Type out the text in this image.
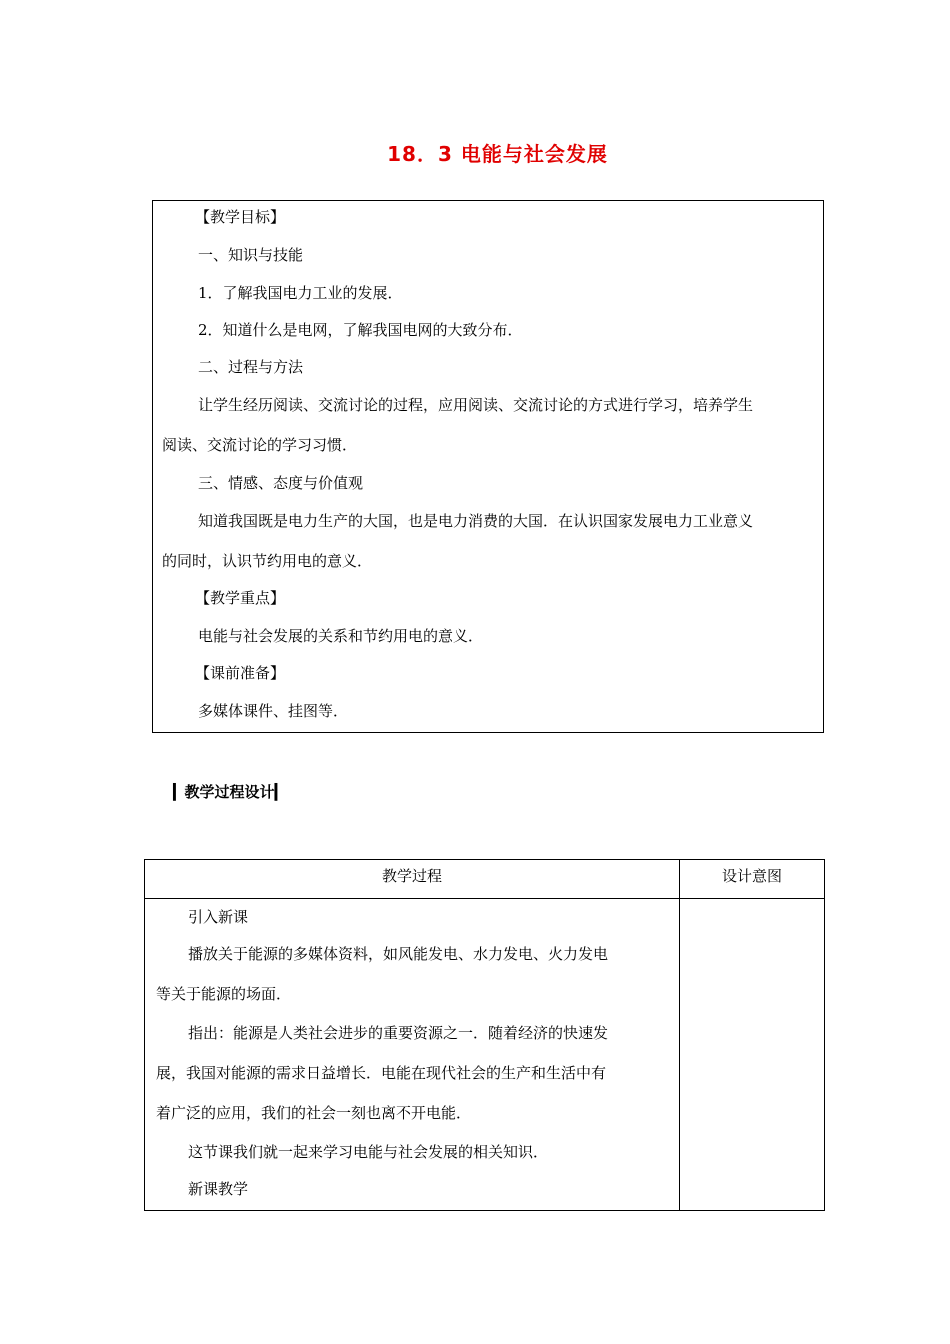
18．3 电能与社会发展
【教学目标】
一、知识与技能
1．了解我国电力工业的发展．
2．知道什么是电网，了解我国电网的大致分布．
二、过程与方法
让学生经历阅读、交流讨论的过程，应用阅读、交流讨论的方式进行学习，培养学生
阅读、交流讨论的学习习惯．
三、情感、态度与价值观
知道我国既是电力生产的大国，也是电力消费的大国．在认识国家发展电力工业意义
的同时，认识节约用电的意义．
【教学重点】
电能与社会发展的关系和节约用电的意义．
【课前准备】
多媒体课件、挂图等．
▎教学过程设计▎
教学过程	设计意图
引入新课
播放关于能源的多媒体资料，如风能发电、水力发电、火力发电
等关于能源的场面．
指出：能源是人类社会进步的重要资源之一．随着经济的快速发
展，我国对能源的需求日益增长．电能在现代社会的生产和生活中有
着广泛的应用，我们的社会一刻也离不开电能．
这节课我们就一起来学习电能与社会发展的相关知识．
新课教学
